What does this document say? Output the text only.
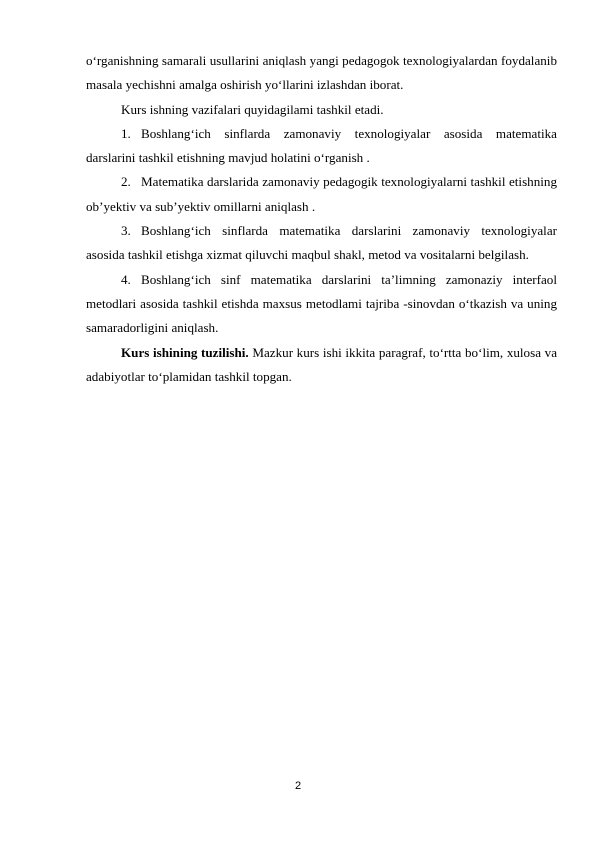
o‘rganishning samarali usullarini aniqlash yangi pedagogok texnologiyalardan foydalanib masala yechishni amalga oshirish yo‘llarini izlashdan iborat.

Kurs ishning vazifalari quyidagilami tashkil etadi.

1. Boshlang‘ich sinflarda zamonaviy texnologiyalar asosida matematika darslarini tashkil etishning mavjud holatini o‘rganish .

2. Matematika darslarida zamonaviy pedagogik texnologiyalarni tashkil etishning ob’yektiv va sub’yektiv omillarni aniqlash .

3. Boshlang‘ich sinflarda matematika darslarini zamonaviy texnologiyalar asosida tashkil etishga xizmat qiluvchi maqbul shakl, metod va vositalarni belgilash.

4. Boshlang‘ich sinf matematika darslarini ta’limning zamonaziy interfaol metodlari asosida tashkil etishda maxsus metodlami tajriba -sinovdan o‘tkazish va uning samaradorligini aniqlash.

Kurs ishining tuzilishi. Mazkur kurs ishi ikkita paragraf, to‘rtta bo‘lim, xulosa va adabiyotlar to‘plamidan tashkil topgan.

2
